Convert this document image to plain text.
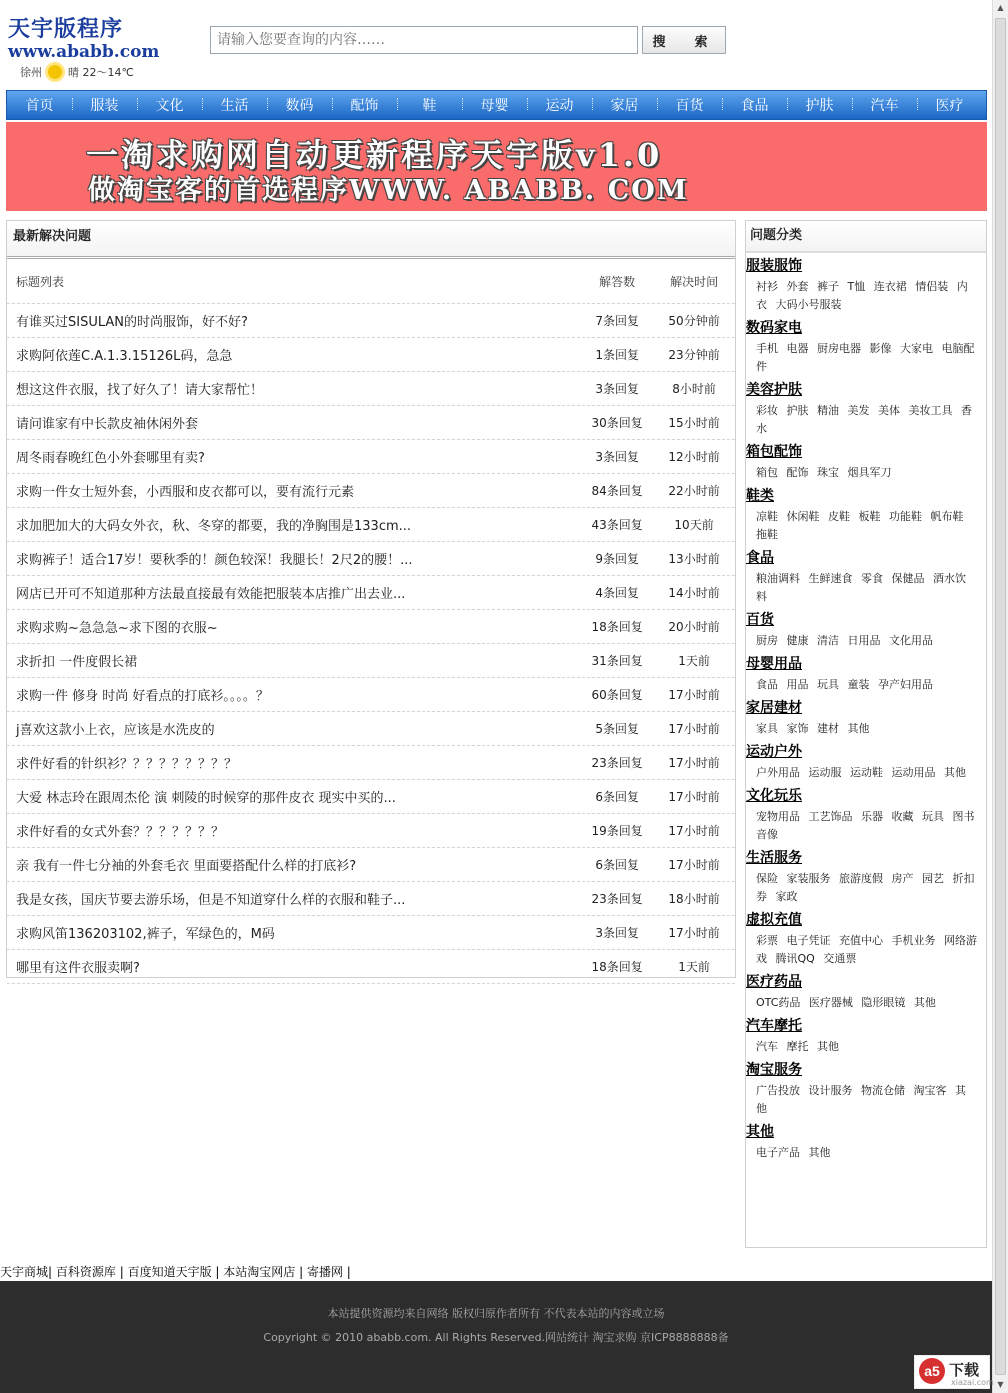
天宇版程序
www.ababb.com
徐州 晴 22～14℃
请输入您要查询的内容……
搜　索
首页	服装	文化	生活	数码	配饰	鞋	母婴	运动	家居	百货	食品	护肤	汽车	医疗
一淘求购网自动更新程序天宇版v1.0
做淘宝客的首选程序WWW. ABABB. COM
最新解决问题
标题列表	解答数	解决时间
有谁买过SISULAN的时尚服饰，好不好?	7条回复	50分钟前
求购阿依莲C.A.1.3.15126L码，急急	1条回复	23分钟前
想这这件衣服，找了好久了！请大家帮忙！	3条回复	8小时前
请问谁家有中长款皮袖休闲外套	30条回复	15小时前
周冬雨春晚红色小外套哪里有卖?	3条回复	12小时前
求购一件女士短外套，小西服和皮衣都可以，要有流行元素	84条回复	22小时前
求加肥加大的大码女外衣，秋、冬穿的都要，我的净胸围是133cm...	43条回复	10天前
求购裤子！适合17岁！要秋季的！颜色较深！我腿长！2尺2的腰！...	9条回复	13小时前
网店已开可不知道那种方法最直接最有效能把服装本店推广出去业...	4条回复	14小时前
求购求购~急急急~求下图的衣服~	18条回复	20小时前
求折扣 一件度假长裙	31条回复	1天前
求购一件 修身 时尚 好看点的打底衫。。。。？	60条回复	17小时前
j喜欢这款小上衣，应该是水洗皮的	5条回复	17小时前
求件好看的针织衫？？？？？？？？？	23条回复	17小时前
大爱 林志玲在跟周杰伦 演 刺陵的时候穿的那件皮衣 现实中买的...	6条回复	17小时前
求件好看的女式外套？？？？？？？	19条回复	17小时前
亲 我有一件七分袖的外套毛衣 里面要搭配什么样的打底衫?	6条回复	17小时前
我是女孩，国庆节要去游乐场，但是不知道穿什么样的衣服和鞋子...	23条回复	18小时前
求购风笛136203102,裤子，军绿色的，M码	3条回复	17小时前
哪里有这件衣服卖啊?	18条回复	1天前
问题分类
服装服饰
衬衫 外套 裤子 T恤 连衣裙 情侣装 内衣 大码小号服装
数码家电
手机 电器 厨房电器 影像 大家电 电脑配件
美容护肤
彩妆 护肤 精油 美发 美体 美妆工具 香水
箱包配饰
箱包 配饰 珠宝 烟具军刀
鞋类
凉鞋 休闲鞋 皮鞋 板鞋 功能鞋 帆布鞋 拖鞋
食品
粮油调料 生鲜速食 零食 保健品 酒水饮料
百货
厨房 健康 清洁 日用品 文化用品
母婴用品
食品 用品 玩具 童装 孕产妇用品
家居建材
家具 家饰 建材 其他
运动户外
户外用品 运动服 运动鞋 运动用品 其他
文化玩乐
宠物用品 工艺饰品 乐器 收藏 玩具 图书音像
生活服务
保险 家装服务 旅游度假 房产 园艺 折扣券 家政
虚拟充值
彩票 电子凭证 充值中心 手机业务 网络游戏 腾讯QQ 交通票
医疗药品
OTC药品 医疗器械 隐形眼镜 其他
汽车摩托
汽车 摩托 其他
淘宝服务
广告投放 设计服务 物流仓储 淘宝客 其他
其他
电子产品 其他
天宇商城| 百科资源库 | 百度知道天宇版 | 本站淘宝网店 | 寄播网 |
本站提供资源均来自网络 版权归原作者所有 不代表本站的内容或立场
Copyright © 2010 ababb.com. All Rights Reserved.网站统计 淘宝求购 京ICP8888888备
▲
▼
a5 下载
xiazai.com
